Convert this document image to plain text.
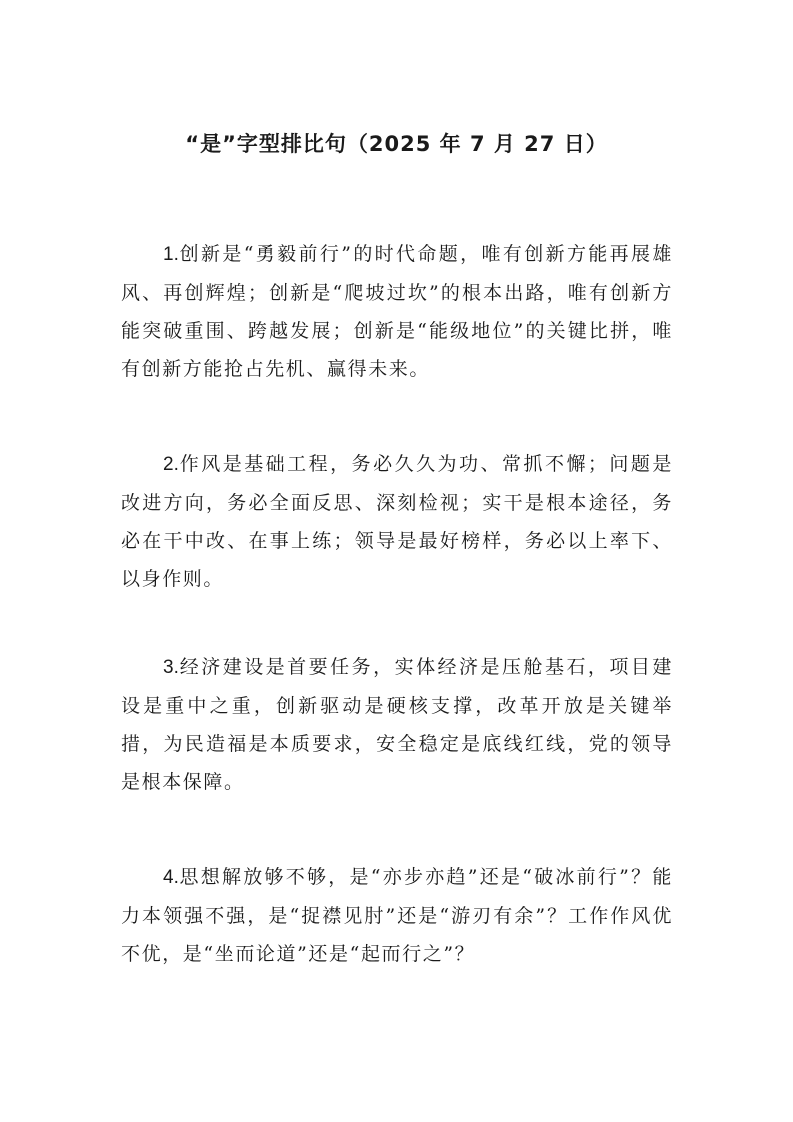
“是”字型排比句（2025 年 7 月 27 日）

1.创新是“勇毅前行”的时代命题，唯有创新方能再展雄风、再创辉煌；创新是“爬坡过坎”的根本出路，唯有创新方能突破重围、跨越发展；创新是“能级地位”的关键比拼，唯有创新方能抢占先机、赢得未来。

2.作风是基础工程，务必久久为功、常抓不懈；问题是改进方向，务必全面反思、深刻检视；实干是根本途径，务必在干中改、在事上练；领导是最好榜样，务必以上率下、以身作则。

3.经济建设是首要任务，实体经济是压舱基石，项目建设是重中之重，创新驱动是硬核支撑，改革开放是关键举措，为民造福是本质要求，安全稳定是底线红线，党的领导是根本保障。

4.思想解放够不够，是“亦步亦趋”还是“破冰前行”？能力本领强不强，是“捉襟见肘”还是“游刃有余”？工作作风优不优，是“坐而论道”还是“起而行之”？
